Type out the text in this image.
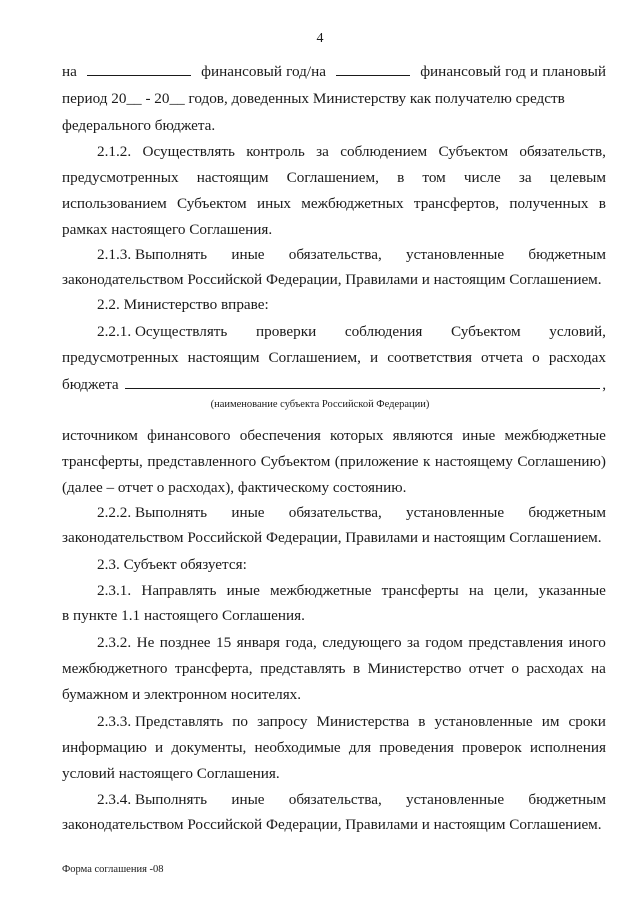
4
на	финансовый год/на	финансовый год и плановый
период 20__ - 20__ годов, доведенных Министерству как получателю средств
федерального бюджета.
2.1.2. Осуществлять контроль за соблюдением Субъектом обязательств,
предусмотренных настоящим Соглашением, в том числе за целевым
использованием Субъектом иных межбюджетных трансфертов, полученных в
рамках настоящего Соглашения.
2.1.3. Выполнять иные обязательства, установленные бюджетным
законодательством Российской Федерации, Правилами и настоящим Соглашением.
2.2. Министерство вправе:
2.2.1. Осуществлять проверки соблюдения Субъектом условий,
предусмотренных настоящим Соглашением, и соответствия отчета о расходах
бюджета	,
(наименование субъекта Российской Федерации)
источником финансового обеспечения которых являются иные межбюджетные
трансферты, представленного Субъектом (приложение к настоящему Соглашению)
(далее – отчет о расходах), фактическому состоянию.
2.2.2. Выполнять иные обязательства, установленные бюджетным
законодательством Российской Федерации, Правилами и настоящим Соглашением.
2.3. Субъект обязуется:
2.3.1. Направлять иные межбюджетные трансферты на цели, указанные
в пункте 1.1 настоящего Соглашения.
2.3.2. Не позднее 15 января года, следующего за годом представления иного
межбюджетного трансферта, представлять в Министерство отчет о расходах на
бумажном и электронном носителях.
2.3.3. Представлять по запросу Министерства в установленные им сроки
информацию и документы, необходимые для проведения проверок исполнения
условий настоящего Соглашения.
2.3.4. Выполнять иные обязательства, установленные бюджетным
законодательством Российской Федерации, Правилами и настоящим Соглашением.
Форма соглашения -08
